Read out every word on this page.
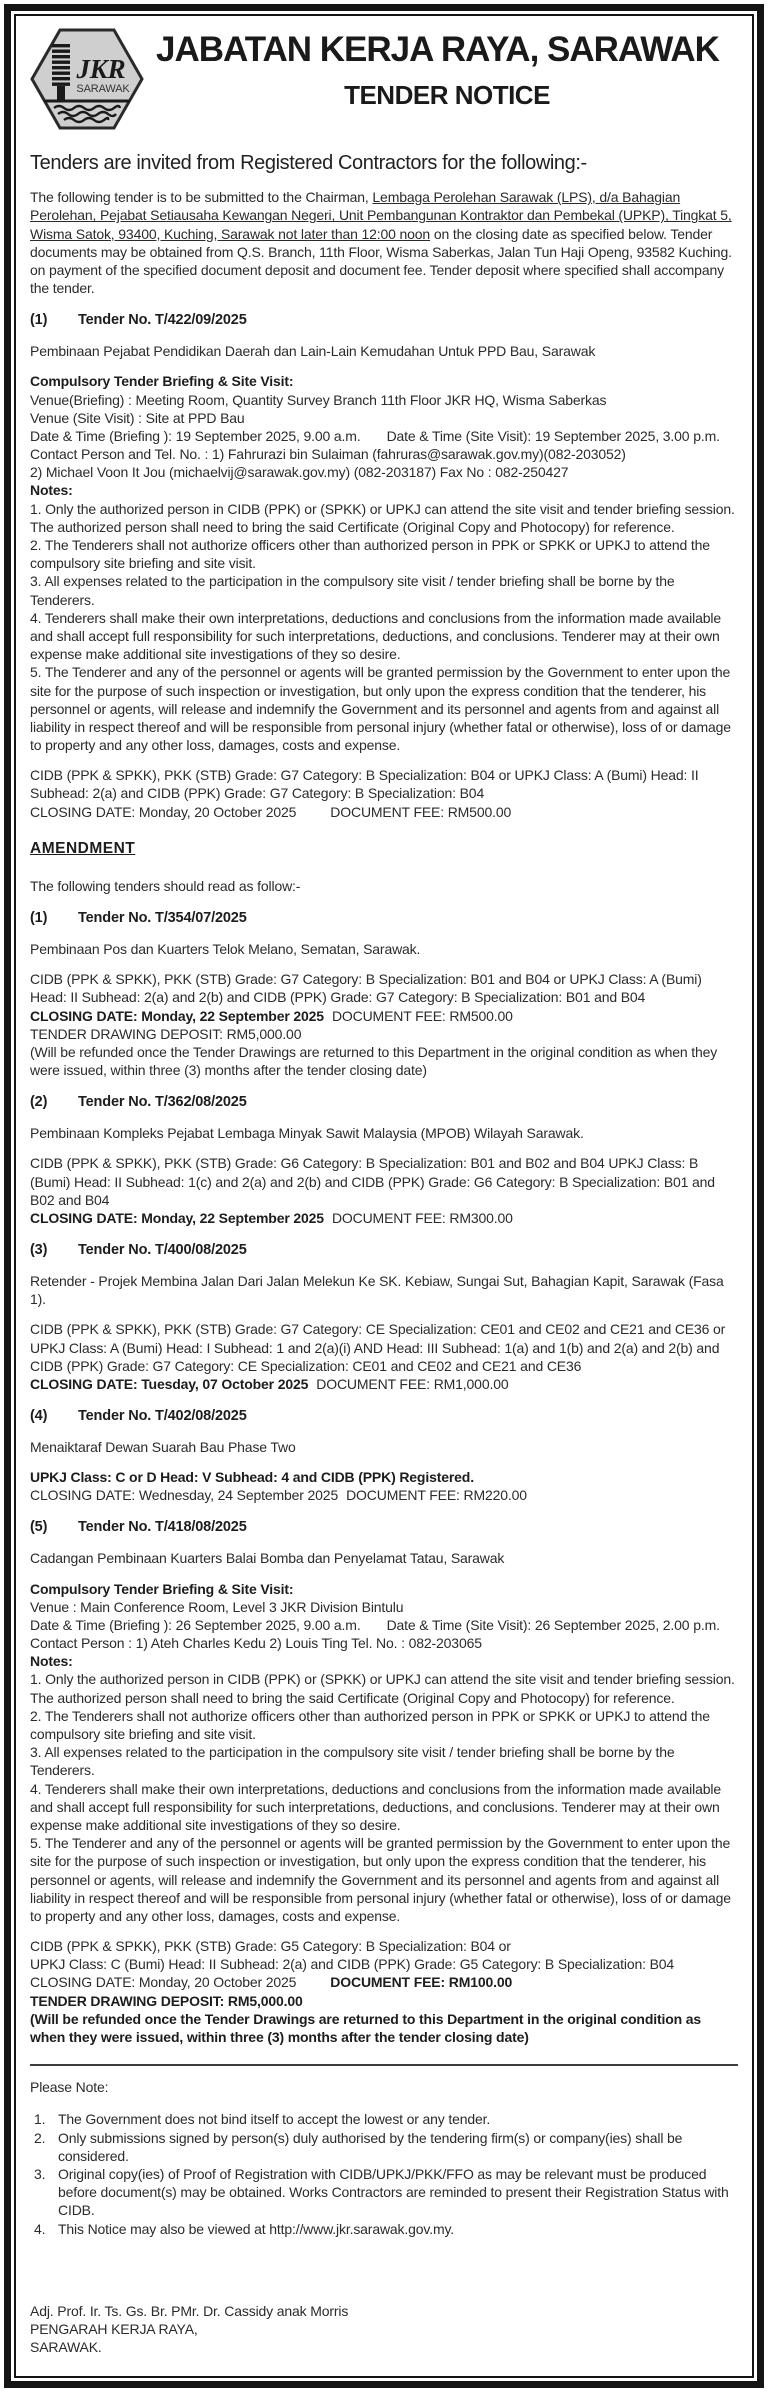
JKR
SARAWAK
JABATAN KERJA RAYA, SARAWAK
TENDER NOTICE
Tenders are invited from Registered Contractors for the following:-

The following tender is to be submitted to the Chairman, Lembaga Perolehan Sarawak (LPS), d/a Bahagian Perolehan, Pejabat Setiausaha Kewangan Negeri, Unit Pembangunan Kontraktor dan Pembekal (UPKP), Tingkat 5, Wisma Satok, 93400, Kuching, Sarawak not later than 12:00 noon on the closing date as specified below. Tender documents may be obtained from Q.S. Branch, 11th Floor, Wisma Saberkas, Jalan Tun Haji Openg, 93582 Kuching. on payment of the specified document deposit and document fee. Tender deposit where specified shall accompany the tender.

(1)	Tender No. T/422/09/2025

Pembinaan Pejabat Pendidikan Daerah dan Lain-Lain Kemudahan Untuk PPD Bau, Sarawak

Compulsory Tender Briefing & Site Visit:
Venue(Briefing) : Meeting Room, Quantity Survey Branch 11th Floor JKR HQ, Wisma Saberkas
Venue (Site Visit) : Site at PPD Bau
Date & Time (Briefing ): 19 September 2025, 9.00 a.m. Date & Time (Site Visit): 19 September 2025, 3.00 p.m.
Contact Person and Tel. No. : 1) Fahrurazi bin Sulaiman (fahruras@sarawak.gov.my)(082-203052)
2) Michael Voon It Jou (michaelvij@sarawak.gov.my) (082-203187) Fax No : 082-250427
Notes:
1. Only the authorized person in CIDB (PPK) or (SPKK) or UPKJ can attend the site visit and tender briefing session. The authorized person shall need to bring the said Certificate (Original Copy and Photocopy) for reference.
2. The Tenderers shall not authorize officers other than authorized person in PPK or SPKK or UPKJ to attend the compulsory site briefing and site visit.
3. All expenses related to the participation in the compulsory site visit / tender briefing shall be borne by the Tenderers.
4. Tenderers shall make their own interpretations, deductions and conclusions from the information made available and shall accept full responsibility for such interpretations, deductions, and conclusions. Tenderer may at their own expense make additional site investigations of they so desire.
5. The Tenderer and any of the personnel or agents will be granted permission by the Government to enter upon the site for the purpose of such inspection or investigation, but only upon the express condition that the tenderer, his personnel or agents, will release and indemnify the Government and its personnel and agents from and against all liability in respect thereof and will be responsible from personal injury (whether fatal or otherwise), loss of or damage to property and any other loss, damages, costs and expense.

CIDB (PPK & SPKK), PKK (STB) Grade: G7 Category: B Specialization: B04 or UPKJ Class: A (Bumi) Head: II Subhead: 2(a) and CIDB (PPK) Grade: G7 Category: B Specialization: B04

CLOSING DATE: Monday, 20 October 2025 DOCUMENT FEE: RM500.00
AMENDMENT

The following tenders should read as follow:-

(1)	Tender No. T/354/07/2025

Pembinaan Pos dan Kuarters Telok Melano, Sematan, Sarawak.

CIDB (PPK & SPKK), PKK (STB) Grade: G7 Category: B Specialization: B01 and B04 or UPKJ Class: A (Bumi) Head: II Subhead: 2(a) and 2(b) and CIDB (PPK) Grade: G7 Category: B Specialization: B01 and B04
CLOSING DATE: Monday, 22 September 2025 DOCUMENT FEE: RM500.00
TENDER DRAWING DEPOSIT: RM5,000.00
(Will be refunded once the Tender Drawings are returned to this Department in the original condition as when they were issued, within three (3) months after the tender closing date)
(2)	Tender No. T/362/08/2025

Pembinaan Kompleks Pejabat Lembaga Minyak Sawit Malaysia (MPOB) Wilayah Sarawak.

CIDB (PPK & SPKK), PKK (STB) Grade: G6 Category: B Specialization: B01 and B02 and B04 UPKJ Class: B (Bumi) Head: II Subhead: 1(c) and 2(a) and 2(b) and CIDB (PPK) Grade: G6 Category: B Specialization: B01 and B02 and B04
CLOSING DATE: Monday, 22 September 2025 DOCUMENT FEE: RM300.00
(3)	Tender No. T/400/08/2025

Retender - Projek Membina Jalan Dari Jalan Melekun Ke SK. Kebiaw, Sungai Sut, Bahagian Kapit, Sarawak (Fasa 1).

CIDB (PPK & SPKK), PKK (STB) Grade: G7 Category: CE Specialization: CE01 and CE02 and CE21 and CE36 or UPKJ Class: A (Bumi) Head: I Subhead: 1 and 2(a)(i) AND Head: III Subhead: 1(a) and 1(b) and 2(a) and 2(b) and CIDB (PPK) Grade: G7 Category: CE Specialization: CE01 and CE02 and CE21 and CE36
CLOSING DATE: Tuesday, 07 October 2025 DOCUMENT FEE: RM1,000.00
(4)	Tender No. T/402/08/2025

Menaiktaraf Dewan Suarah Bau Phase Two

UPKJ Class: C or D Head: V Subhead: 4 and CIDB (PPK) Registered.
CLOSING DATE: Wednesday, 24 September 2025 DOCUMENT FEE: RM220.00
(5)	Tender No. T/418/08/2025

Cadangan Pembinaan Kuarters Balai Bomba dan Penyelamat Tatau, Sarawak

Compulsory Tender Briefing & Site Visit:
Venue : Main Conference Room, Level 3 JKR Division Bintulu
Date & Time (Briefing ): 26 September 2025, 9.00 a.m. Date & Time (Site Visit): 26 September 2025, 2.00 p.m.
Contact Person : 1) Ateh Charles Kedu 2) Louis Ting Tel. No. : 082-203065
Notes:
1. Only the authorized person in CIDB (PPK) or (SPKK) or UPKJ can attend the site visit and tender briefing session. The authorized person shall need to bring the said Certificate (Original Copy and Photocopy) for reference.
2. The Tenderers shall not authorize officers other than authorized person in PPK or SPKK or UPKJ to attend the compulsory site briefing and site visit.
3. All expenses related to the participation in the compulsory site visit / tender briefing shall be borne by the Tenderers.
4. Tenderers shall make their own interpretations, deductions and conclusions from the information made available and shall accept full responsibility for such interpretations, deductions, and conclusions. Tenderer may at their own expense make additional site investigations of they so desire.
5. The Tenderer and any of the personnel or agents will be granted permission by the Government to enter upon the site for the purpose of such inspection or investigation, but only upon the express condition that the tenderer, his personnel or agents, will release and indemnify the Government and its personnel and agents from and against all liability in respect thereof and will be responsible from personal injury (whether fatal or otherwise), loss of or damage to property and any other loss, damages, costs and expense.
CIDB (PPK & SPKK), PKK (STB) Grade: G5 Category: B Specialization: B04 or
UPKJ Class: C (Bumi) Head: II Subhead: 2(a) and CIDB (PPK) Grade: G5 Category: B Specialization: B04
CLOSING DATE: Monday, 20 October 2025 DOCUMENT FEE: RM100.00
TENDER DRAWING DEPOSIT: RM5,000.00
(Will be refunded once the Tender Drawings are returned to this Department in the original condition as when they were issued, within three (3) months after the tender closing date)
Please Note:
1. The Government does not bind itself to accept the lowest or any tender.
2. Only submissions signed by person(s) duly authorised by the tendering firm(s) or company(ies) shall be considered.
3. Original copy(ies) of Proof of Registration with CIDB/UPKJ/PKK/FFO as may be relevant must be produced before document(s) may be obtained. Works Contractors are reminded to present their Registration Status with CIDB.
4. This Notice may also be viewed at http://www.jkr.sarawak.gov.my.
Adj. Prof. Ir. Ts. Gs. Br. PMr. Dr. Cassidy anak Morris
PENGARAH KERJA RAYA,
SARAWAK.
